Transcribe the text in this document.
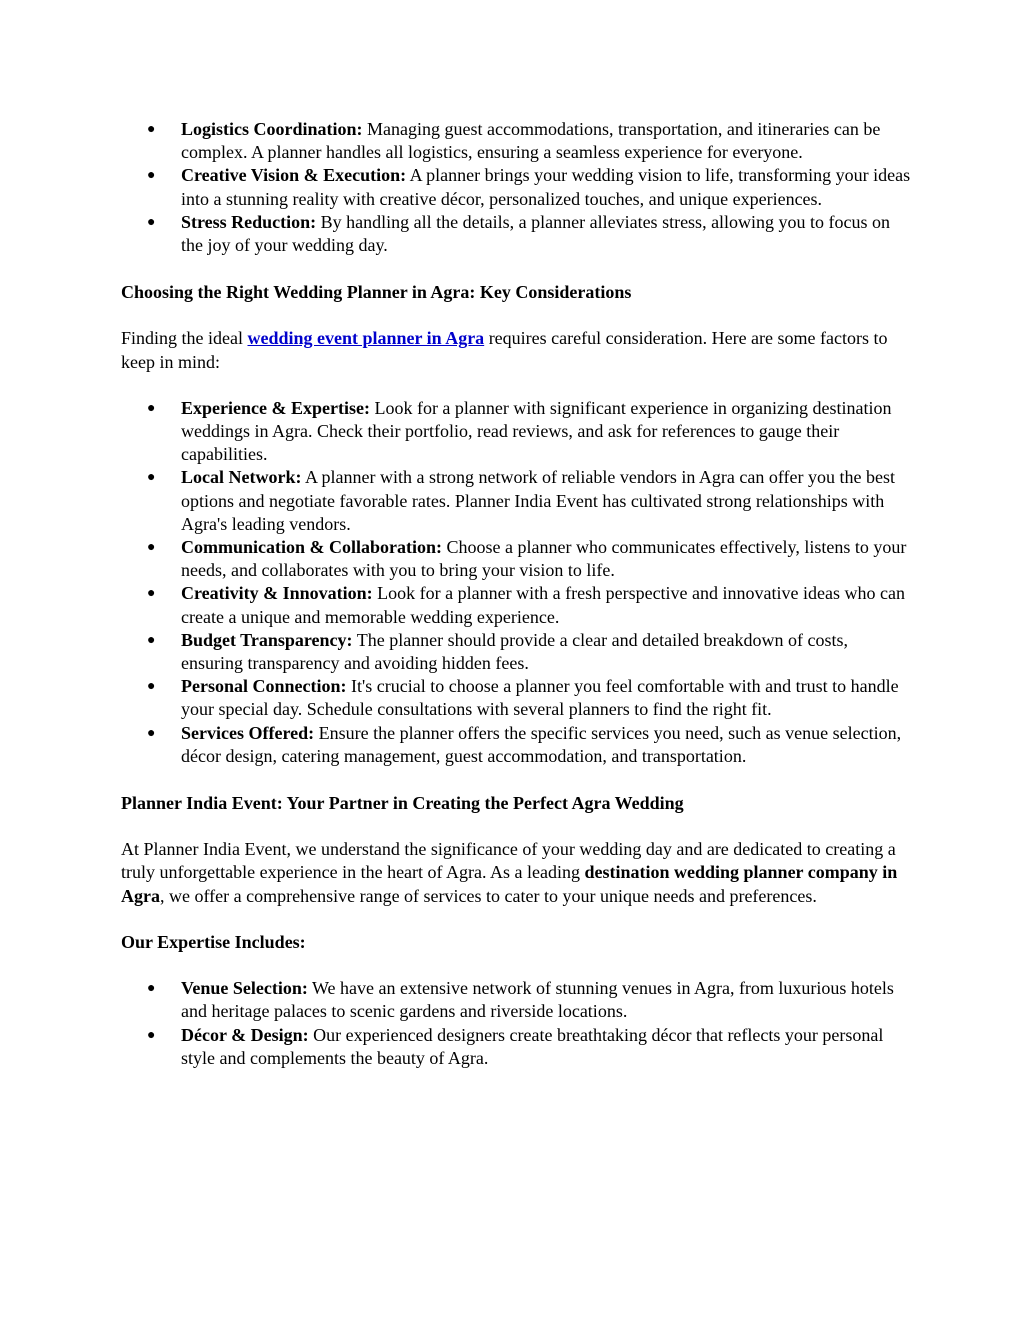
● Logistics Coordination: Managing guest accommodations, transportation, and itineraries can be complex. A planner handles all logistics, ensuring a seamless experience for everyone.
● Creative Vision & Execution: A planner brings your wedding vision to life, transforming your ideas into a stunning reality with creative décor, personalized touches, and unique experiences.
● Stress Reduction: By handling all the details, a planner alleviates stress, allowing you to focus on the joy of your wedding day.

Choosing the Right Wedding Planner in Agra: Key Considerations

Finding the ideal wedding event planner in Agra requires careful consideration. Here are some factors to keep in mind:

● Experience & Expertise: Look for a planner with significant experience in organizing destination weddings in Agra. Check their portfolio, read reviews, and ask for references to gauge their capabilities.
● Local Network: A planner with a strong network of reliable vendors in Agra can offer you the best options and negotiate favorable rates. Planner India Event has cultivated strong relationships with Agra's leading vendors.
● Communication & Collaboration: Choose a planner who communicates effectively, listens to your needs, and collaborates with you to bring your vision to life.
● Creativity & Innovation: Look for a planner with a fresh perspective and innovative ideas who can create a unique and memorable wedding experience.
● Budget Transparency: The planner should provide a clear and detailed breakdown of costs, ensuring transparency and avoiding hidden fees.
● Personal Connection: It's crucial to choose a planner you feel comfortable with and trust to handle your special day. Schedule consultations with several planners to find the right fit.
● Services Offered: Ensure the planner offers the specific services you need, such as venue selection, décor design, catering management, guest accommodation, and transportation.

Planner India Event: Your Partner in Creating the Perfect Agra Wedding

At Planner India Event, we understand the significance of your wedding day and are dedicated to creating a truly unforgettable experience in the heart of Agra. As a leading destination wedding planner company in Agra, we offer a comprehensive range of services to cater to your unique needs and preferences.

Our Expertise Includes:

● Venue Selection: We have an extensive network of stunning venues in Agra, from luxurious hotels and heritage palaces to scenic gardens and riverside locations.
● Décor & Design: Our experienced designers create breathtaking décor that reflects your personal style and complements the beauty of Agra.
